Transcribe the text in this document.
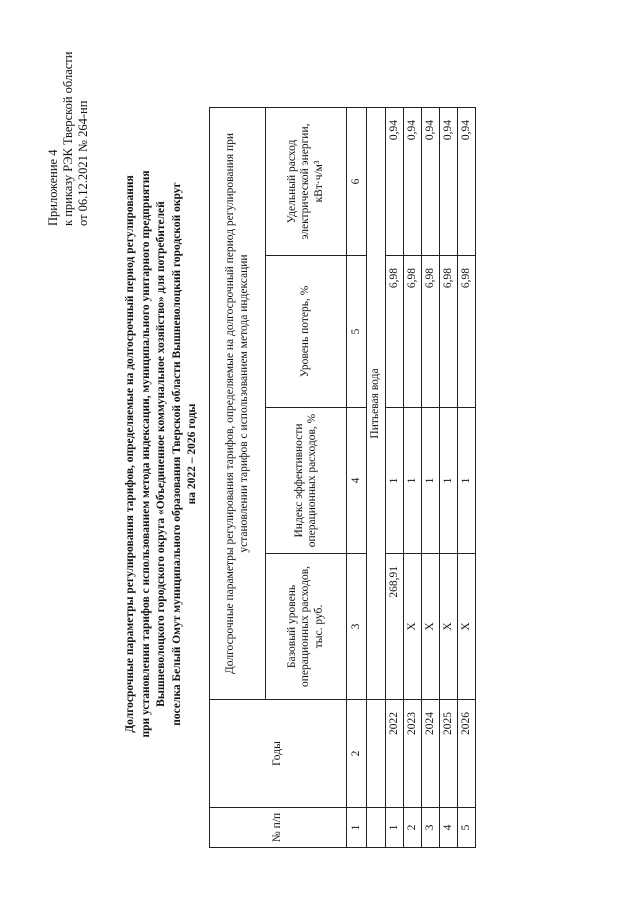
Приложение 4 к приказу РЭК Тверской области от 06.12.2021 № 264-нп
Долгосрочные параметры регулирования тарифов, определяемые на долгосрочный период регулирования при установлении тарифов с использованием метода индексации, муниципального унитарного предприятия Вышневолоцкого городского округа «Объединенное коммунальное хозяйство» для потребителей поселка Белый Омут муниципального образования Тверской области Вышневолоцкий городской округ на 2022 – 2026 годы
№ п/п	Годы	Долгосрочные параметры регулирования тарифов, определяемые на долгосрочный период регулирования при установлении тарифов с использованием метода индексации			
		Базовый уровень операционных расходов, тыс. руб.	Индекс эффективности операционных расходов, %	Уровень потерь, %	Удельный расход электрической энергии, кВт·ч/м³
1	2	3	4	5	6
		Питьевая вода			
1	2022	268,91	1	6,98	0,94
2	2023	X	1	6,98	0,94
3	2024	X	1	6,98	0,94
4	2025	X	1	6,98	0,94
5	2026	X	1	6,98	0,94
